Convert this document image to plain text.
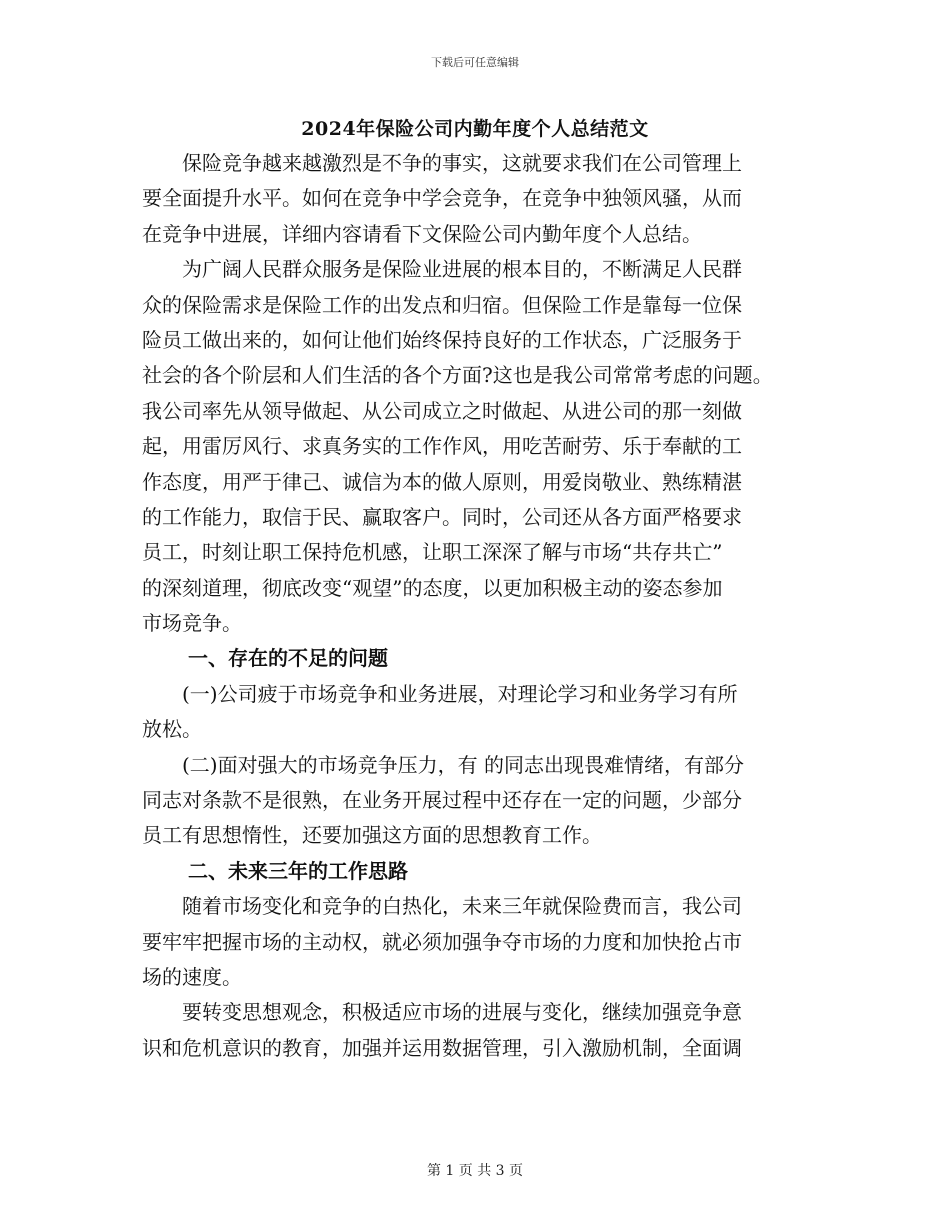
下载后可任意编辑
2024年保险公司内勤年度个人总结范文
保险竞争越来越激烈是不争的事实，这就要求我们在公司管理上
要全面提升水平。如何在竞争中学会竞争，在竞争中独领风骚，从而
在竞争中进展，详细内容请看下文保险公司内勤年度个人总结。
为广阔人民群众服务是保险业进展的根本目的，不断满足人民群
众的保险需求是保险工作的出发点和归宿。但保险工作是靠每一位保
险员工做出来的，如何让他们始终保持良好的工作状态，广泛服务于
社会的各个阶层和人们生活的各个方面?这也是我公司常常考虑的问题。
我公司率先从领导做起、从公司成立之时做起、从进公司的那一刻做
起，用雷厉风行、求真务实的工作作风，用吃苦耐劳、乐于奉献的工
作态度，用严于律己、诚信为本的做人原则，用爱岗敬业、熟练精湛
的工作能力，取信于民、赢取客户。同时，公司还从各方面严格要求
员工，时刻让职工保持危机感，让职工深深了解与市场“共存共亡”
的深刻道理，彻底改变“观望”的态度，以更加积极主动的姿态参加
市场竞争。
一、存在的不足的问题
(一)公司疲于市场竞争和业务进展，对理论学习和业务学习有所
放松。
(二)面对强大的市场竞争压力，有 的同志出现畏难情绪，有部分
同志对条款不是很熟，在业务开展过程中还存在一定的问题，少部分
员工有思想惰性，还要加强这方面的思想教育工作。
二、未来三年的工作思路
随着市场变化和竞争的白热化，未来三年就保险费而言，我公司
要牢牢把握市场的主动权，就必须加强争夺市场的力度和加快抢占市
场的速度。
要转变思想观念，积极适应市场的进展与变化，继续加强竞争意
识和危机意识的教育，加强并运用数据管理，引入激励机制，全面调
第 1 页 共 3 页
